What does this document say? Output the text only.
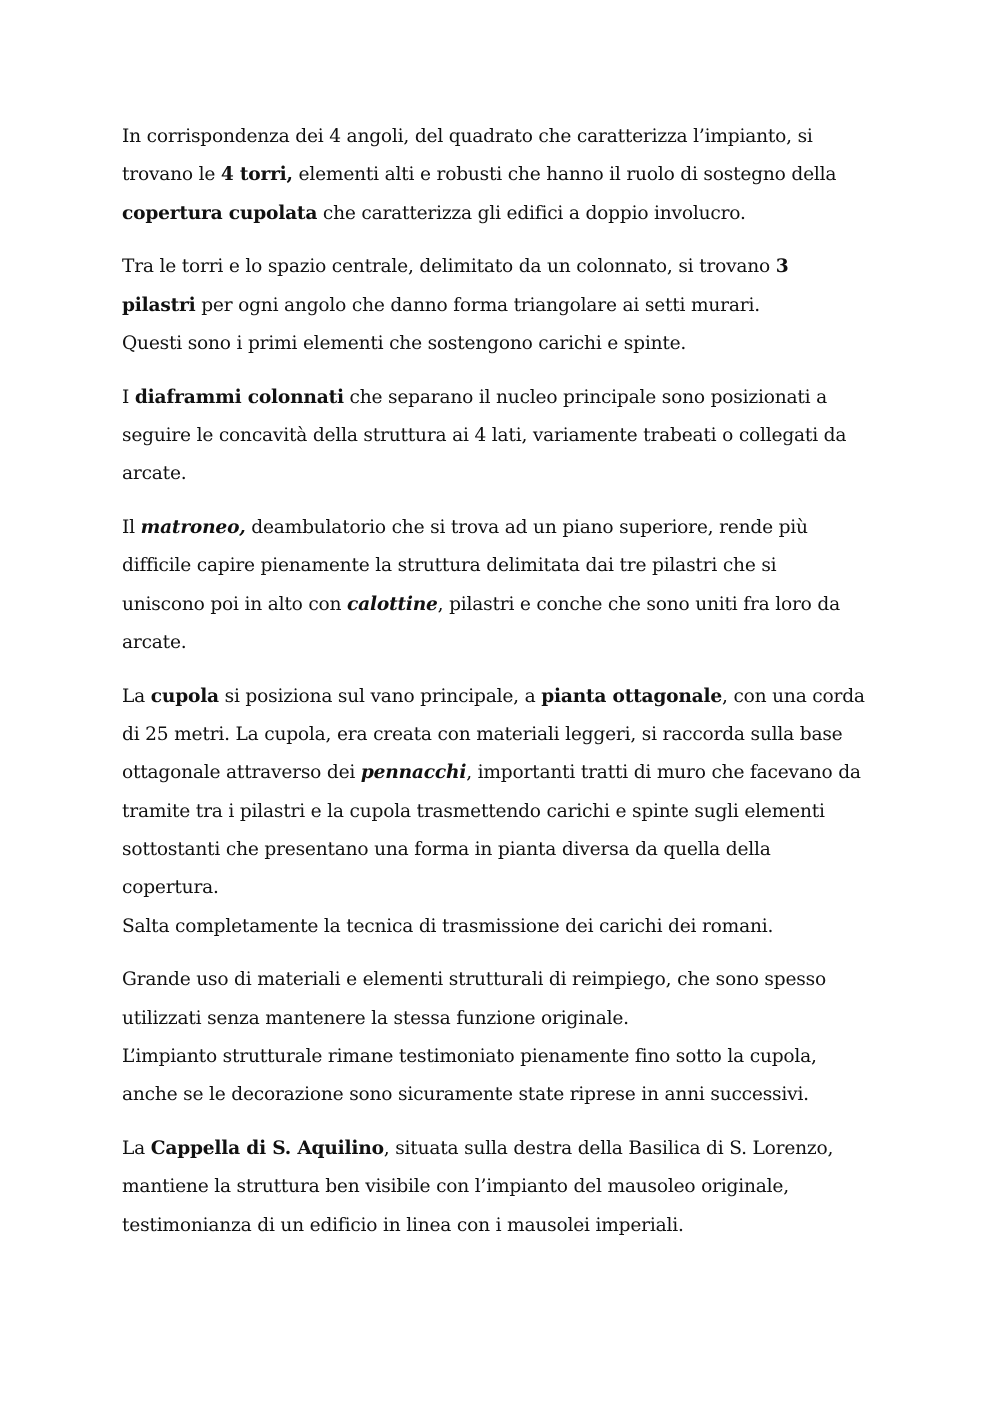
In corrispondenza dei 4 angoli, del quadrato che caratterizza l’impianto, si
trovano le 4 torri, elementi alti e robusti che hanno il ruolo di sostegno della
copertura cupolata che caratterizza gli edifici a doppio involucro.

Tra le torri e lo spazio centrale, delimitato da un colonnato, si trovano 3
pilastri per ogni angolo che danno forma triangolare ai setti murari.
Questi sono i primi elementi che sostengono carichi e spinte.

I diaframmi colonnati che separano il nucleo principale sono posizionati a
seguire le concavità della struttura ai 4 lati, variamente trabeati o collegati da
arcate.

Il matroneo, deambulatorio che si trova ad un piano superiore, rende più
difficile capire pienamente la struttura delimitata dai tre pilastri che si
uniscono poi in alto con calottine, pilastri e conche che sono uniti fra loro da
arcate.

La cupola si posiziona sul vano principale, a pianta ottagonale, con una corda
di 25 metri. La cupola, era creata con materiali leggeri, si raccorda sulla base
ottagonale attraverso dei pennacchi, importanti tratti di muro che facevano da
tramite tra i pilastri e la cupola trasmettendo carichi e spinte sugli elementi
sottostanti che presentano una forma in pianta diversa da quella della
copertura.
Salta completamente la tecnica di trasmissione dei carichi dei romani.

Grande uso di materiali e elementi strutturali di reimpiego, che sono spesso
utilizzati senza mantenere la stessa funzione originale.
L’impianto strutturale rimane testimoniato pienamente fino sotto la cupola,
anche se le decorazione sono sicuramente state riprese in anni successivi.

La Cappella di S. Aquilino, situata sulla destra della Basilica di S. Lorenzo,
mantiene la struttura ben visibile con l’impianto del mausoleo originale,
testimonianza di un edificio in linea con i mausolei imperiali.
